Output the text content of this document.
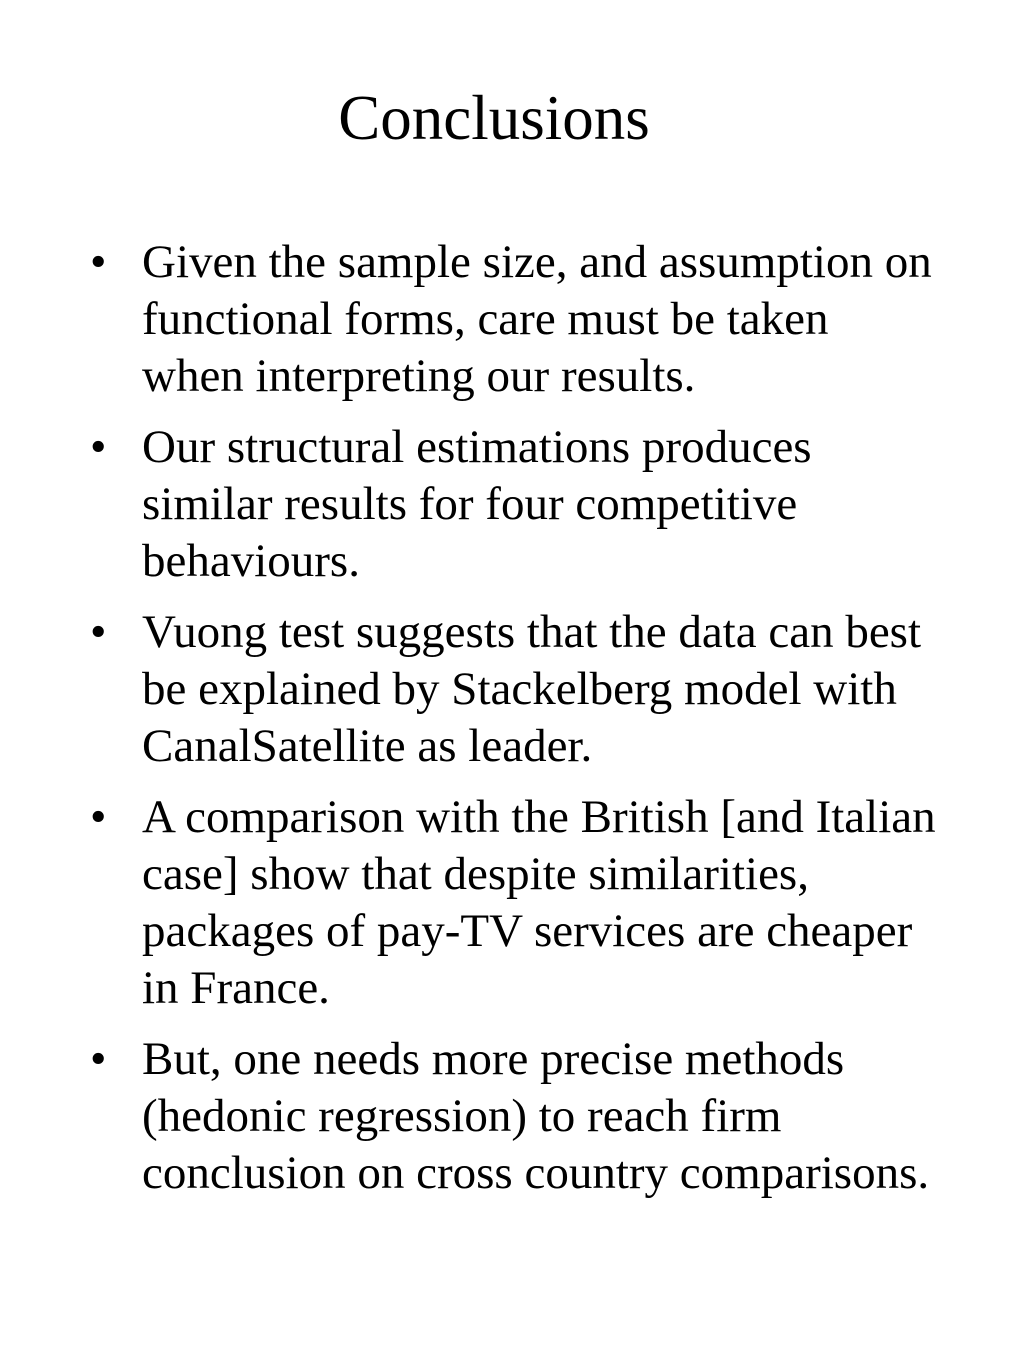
Conclusions
• Given the sample size, and assumption on functional forms, care must be taken when interpreting our results.
• Our structural estimations produces similar results for four competitive behaviours.
• Vuong test suggests that the data can best be explained by Stackelberg model with CanalSatellite as leader.
• A comparison with the British [and Italian case] show that despite similarities, packages of pay-TV services are cheaper in France.
• But, one needs more precise methods (hedonic regression) to reach firm conclusion on cross country comparisons.
